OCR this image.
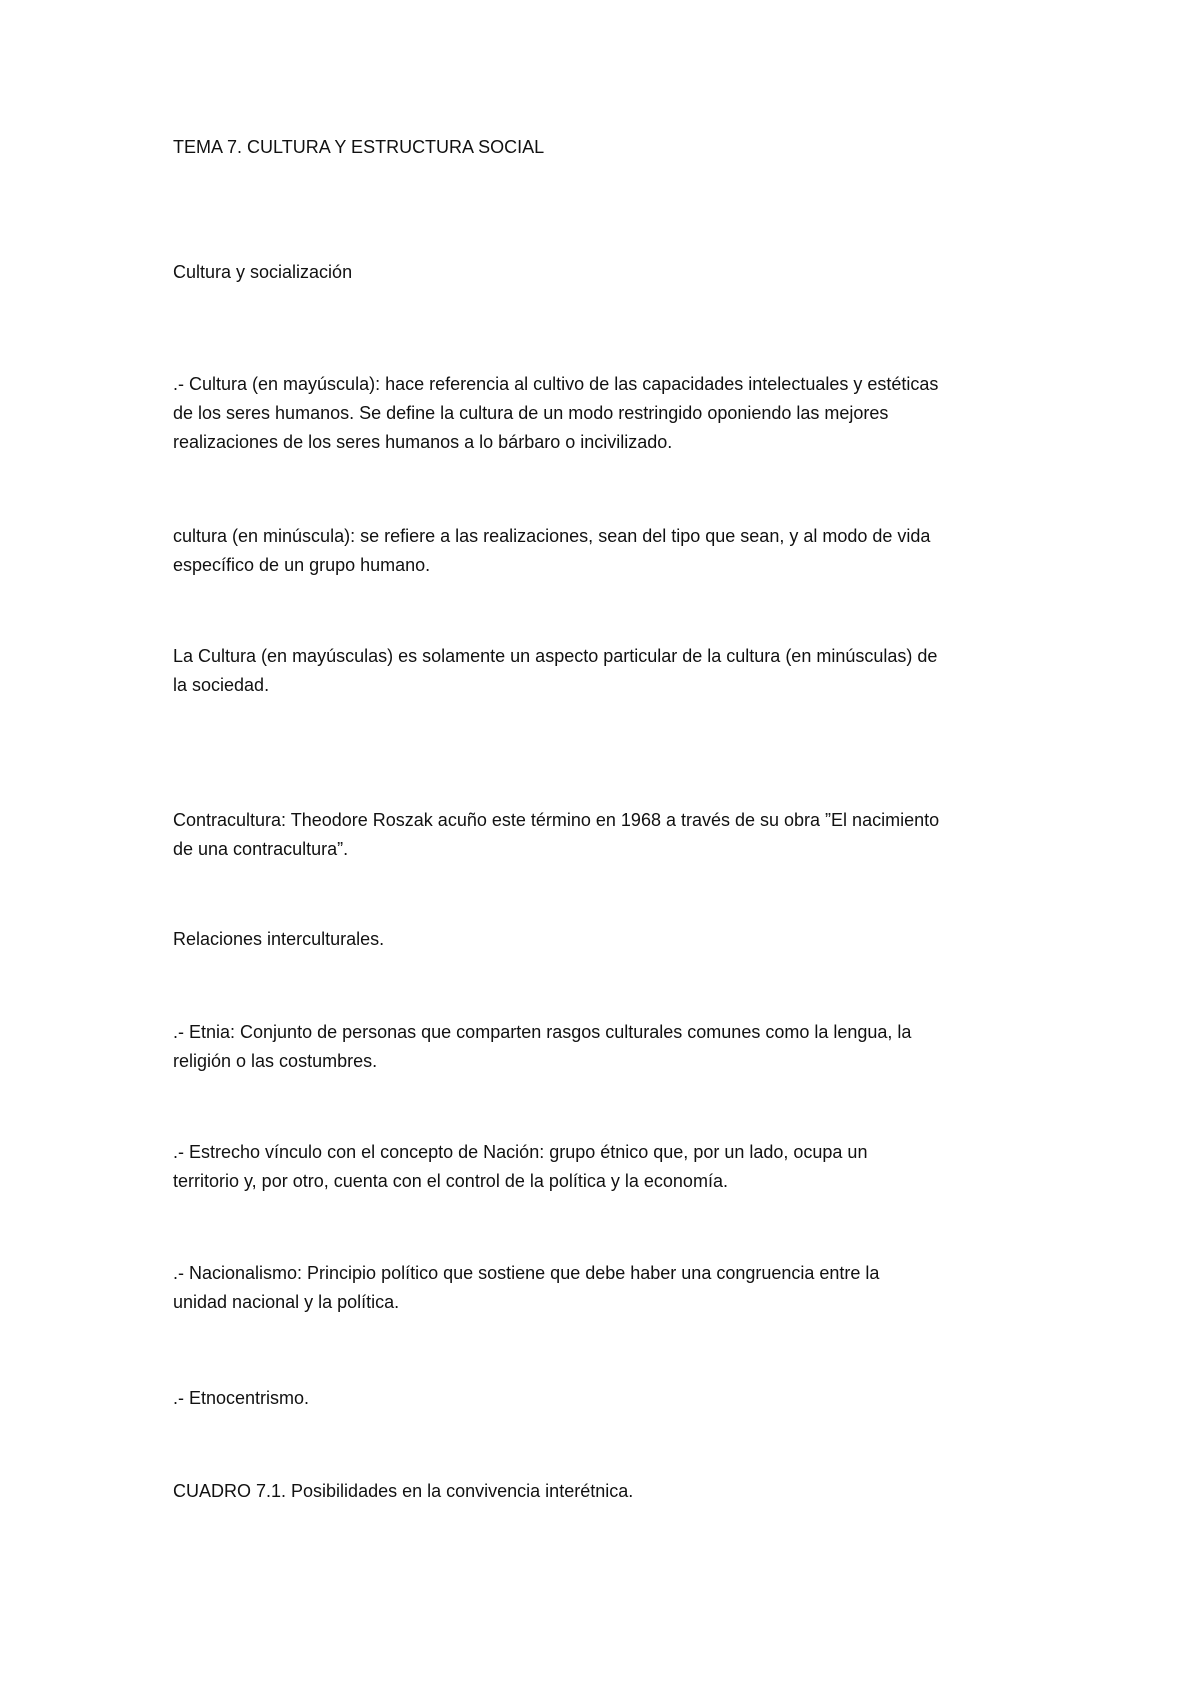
TEMA 7. CULTURA Y ESTRUCTURA SOCIAL
Cultura y socialización
.- Cultura (en mayúscula): hace referencia al cultivo de las capacidades intelectuales y estéticas
de los seres humanos. Se define la cultura de un modo restringido oponiendo las mejores
realizaciones de los seres humanos a lo bárbaro o incivilizado.
cultura (en minúscula): se refiere a las realizaciones, sean del tipo que sean, y al modo de vida
específico de un grupo humano.
La Cultura (en mayúsculas) es solamente un aspecto particular de la cultura (en minúsculas) de
la sociedad.
Contracultura: Theodore Roszak acuño este término en 1968 a través de su obra ”El nacimiento
de una contracultura”.
Relaciones interculturales.
.- Etnia: Conjunto de personas que comparten rasgos culturales comunes como la lengua, la
religión o las costumbres.
.- Estrecho vínculo con el concepto de Nación: grupo étnico que, por un lado, ocupa un
territorio y, por otro, cuenta con el control de la política y la economía.
.- Nacionalismo: Principio político que sostiene que debe haber una congruencia entre la
unidad nacional y la política.
.- Etnocentrismo.
CUADRO 7.1. Posibilidades en la convivencia interétnica.
